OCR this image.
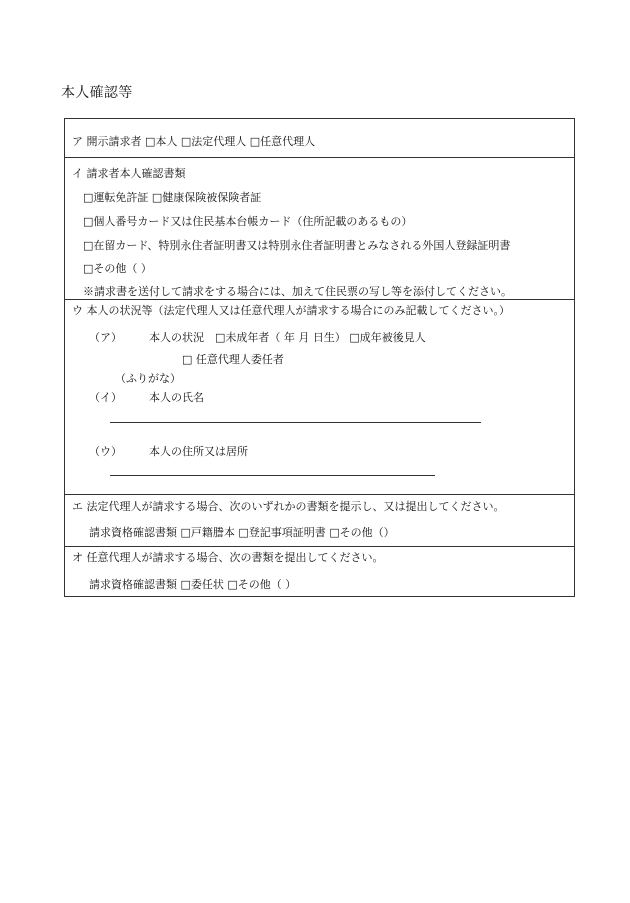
本人確認等
ア 開示請求者 □本人 □法定代理人 □任意代理人
イ 請求者本人確認書類
□運転免許証 □健康保険被保険者証
□個人番号カード又は住民基本台帳カード（住所記載のあるもの）
□在留カード、特別永住者証明書又は特別永住者証明書とみなされる外国人登録証明書
□その他（ ）
※請求書を送付して請求をする場合には、加えて住民票の写し等を添付してください。
ウ 本人の状況等（法定代理人又は任意代理人が請求する場合にのみ記載してください。）
（ア） 本人の状況 □未成年者（ 年 月 日生） □成年被後見人
□ 任意代理人委任者
（ふりがな）
（イ） 本人の氏名
（ウ） 本人の住所又は居所
エ 法定代理人が請求する場合、次のいずれかの書類を提示し、又は提出してください。
請求資格確認書類 □戸籍謄本 □登記事項証明書 □その他（）
オ 任意代理人が請求する場合、次の書類を提出してください。
請求資格確認書類 □委任状 □その他（ ）
